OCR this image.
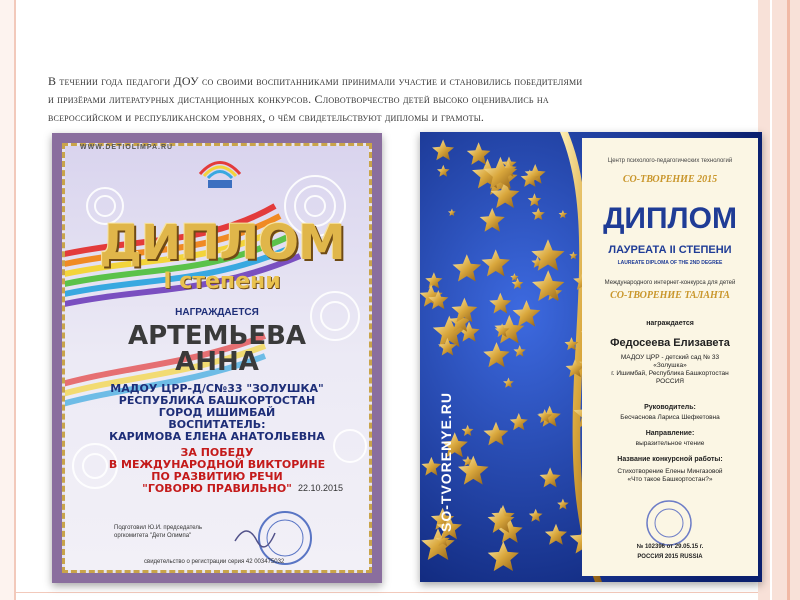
В течении года педагоги ДОУ со своими воспитанниками принимали участие и становились победителями
и призёрами литературных дистанционных конкурсов. Словотворчество детей высоко оценивались на
всероссийском и республиканском уровнях, о чём свидетельствуют дипломы и грамоты.

WWW.DETIOLIMPA.RU
ДИПЛОМ
I степени
НАГРАЖДАЕТСЯ
АРТЕМЬЕВА
АННА
МАДОУ ЦРР-Д/С№33 "ЗОЛУШКА"
РЕСПУБЛИКА БАШКОРТОСТАН
ГОРОД ИШИМБАЙ
ВОСПИТАТЕЛЬ:
КАРИМОВА ЕЛЕНА АНАТОЛЬЕВНА
ЗА ПОБЕДУ
В МЕЖДУНАРОДНОЙ ВИКТОРИНЕ
ПО РАЗВИТИЮ РЕЧИ
"ГОВОРЮ ПРАВИЛЬНО" 22.10.2015
Подготовил Ю.И. председатель оргкомитета "Дети Олимпа"
свидетельство о регистрации серия 42 003475032
Центр психолого-педагогических технологий
СО-ТВОРЕНИЕ 2015
ДИПЛОМ
ЛАУРЕАТА II СТЕПЕНИ
LAUREATE DIPLOMA OF THE 2ND DEGREE
Международного интернет-конкурса для детей
СО-ТВОРЕНИЕ ТАЛАНТА
награждается
Федосеева Елизавета
МАДОУ ЦРР - детский сад № 33
«Золушка»
г. Ишимбай, Республика Башкортостан
РОССИЯ
Руководитель:
Бесчаснова Лариса Шефкетовна
Направление:
выразительное чтение
Название конкурсной работы:
Стихотворение Елены Мингазовой
«Что такое Башкортостан?»
№ 102396 от 29.05.15 г.
РОССИЯ 2015 RUSSIA
SO-TVORENYE.RU
